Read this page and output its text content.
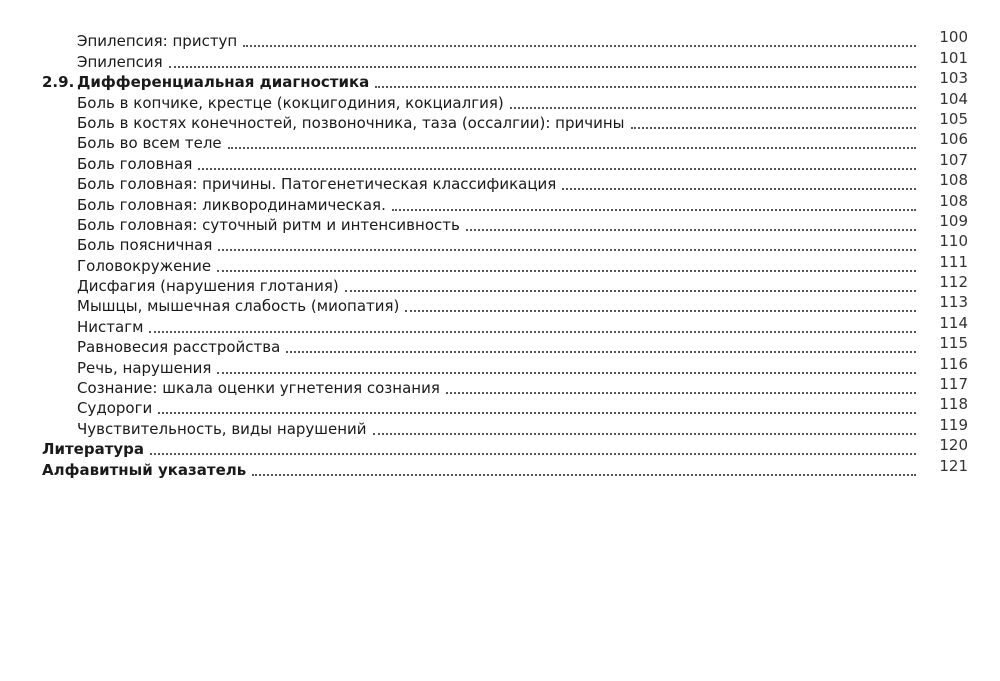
Эпилепсия: приступ	100
Эпилепсия	101
2.9. Дифференциальная диагностика	103
Боль в копчике, крестце (кокцигодиния, кокциалгия)	104
Боль в костях конечностей, позвоночника, таза (оссалгии): причины	105
Боль во всем теле	106
Боль головная	107
Боль головная: причины. Патогенетическая классификация	108
Боль головная: ликвородинамическая.	108
Боль головная: суточный ритм и интенсивность	109
Боль поясничная	110
Головокружение	111
Дисфагия (нарушения глотания)	112
Мышцы, мышечная слабость (миопатия)	113
Нистагм	114
Равновесия расстройства	115
Речь, нарушения	116
Сознание: шкала оценки угнетения сознания	117
Судороги	118
Чувствительность, виды нарушений	119
Литература	120
Алфавитный указатель	121
